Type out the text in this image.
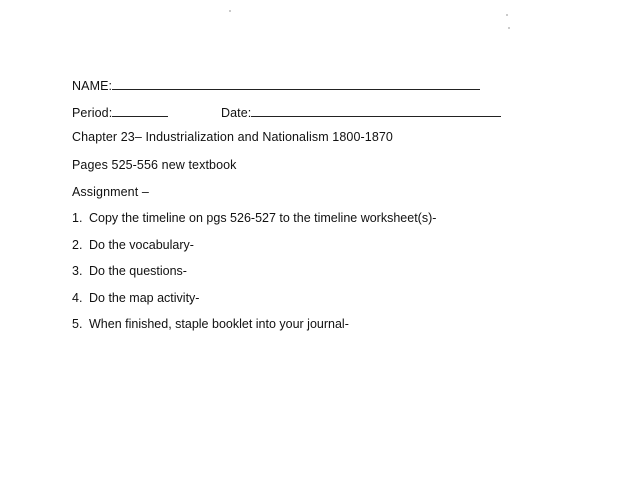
NAME:
Period:	Date:
Chapter 23– Industrialization and Nationalism 1800-1870
Pages 525-556 new textbook
Assignment –
1. Copy the timeline on pgs 526-527 to the timeline worksheet(s)-
2. Do the vocabulary-
3. Do the questions-
4. Do the map activity-
5. When finished, staple booklet into your journal-
